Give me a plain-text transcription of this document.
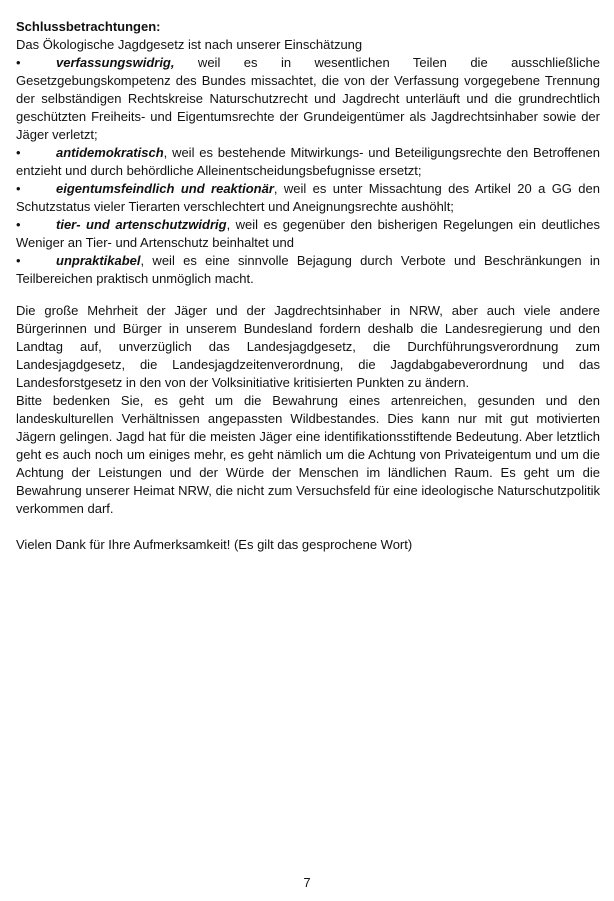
Schlussbetrachtungen:
Das Ökologische Jagdgesetz ist nach unserer Einschätzung
•	verfassungswidrig, weil es in wesentlichen Teilen die ausschließliche Gesetzgebungskompetenz des Bundes missachtet, die von der Verfassung vorgegebene Trennung der selbständigen Rechtskreise Naturschutzrecht und Jagdrecht unterläuft und die grundrechtlich geschützten Freiheits- und Eigentumsrechte der Grundeigentümer als Jagdrechtsinhaber sowie der Jäger verletzt;
•	antidemokratisch, weil es bestehende Mitwirkungs- und Beteiligungsrechte den Betroffenen entzieht und durch behördliche Alleinentscheidungsbefugnisse ersetzt;
•	eigentumsfeindlich und reaktionär, weil es unter Missachtung des Artikel 20 a GG den Schutzstatus vieler Tierarten verschlechtert und Aneignungsrechte aushöhlt;
•	tier- und artenschutzwidrig, weil es gegenüber den bisherigen Regelungen ein deutliches Weniger an Tier- und Artenschutz beinhaltet und
•	unpraktikabel, weil es eine sinnvolle Bejagung durch Verbote und Beschränkungen in Teilbereichen praktisch unmöglich macht.

Die große Mehrheit der Jäger und der Jagdrechtsinhaber in NRW, aber auch viele andere Bürgerinnen und Bürger in unserem Bundesland fordern deshalb die Landesregierung und den Landtag auf, unverzüglich das Landesjagdgesetz, die Durchführungsverordnung zum Landesjagdgesetz, die Landesjagdzeitenverordnung, die Jagdabgabeverordnung und das Landesforstgesetz in den von der Volksinitiative kritisierten Punkten zu ändern.

Bitte bedenken Sie, es geht um die Bewahrung eines artenreichen, gesunden und den landeskulturellen Verhältnissen angepassten Wildbestandes. Dies kann nur mit gut motivierten Jägern gelingen. Jagd hat für die meisten Jäger eine identifikationsstiftende Bedeutung. Aber letztlich geht es auch noch um einiges mehr, es geht nämlich um die Achtung von Privateigentum und um die Achtung der Leistungen und der Würde der Menschen im ländlichen Raum. Es geht um die Bewahrung unserer Heimat NRW, die nicht zum Versuchsfeld für eine ideologische Naturschutzpolitik verkommen darf.

Vielen Dank für Ihre Aufmerksamkeit! (Es gilt das gesprochene Wort)

7
